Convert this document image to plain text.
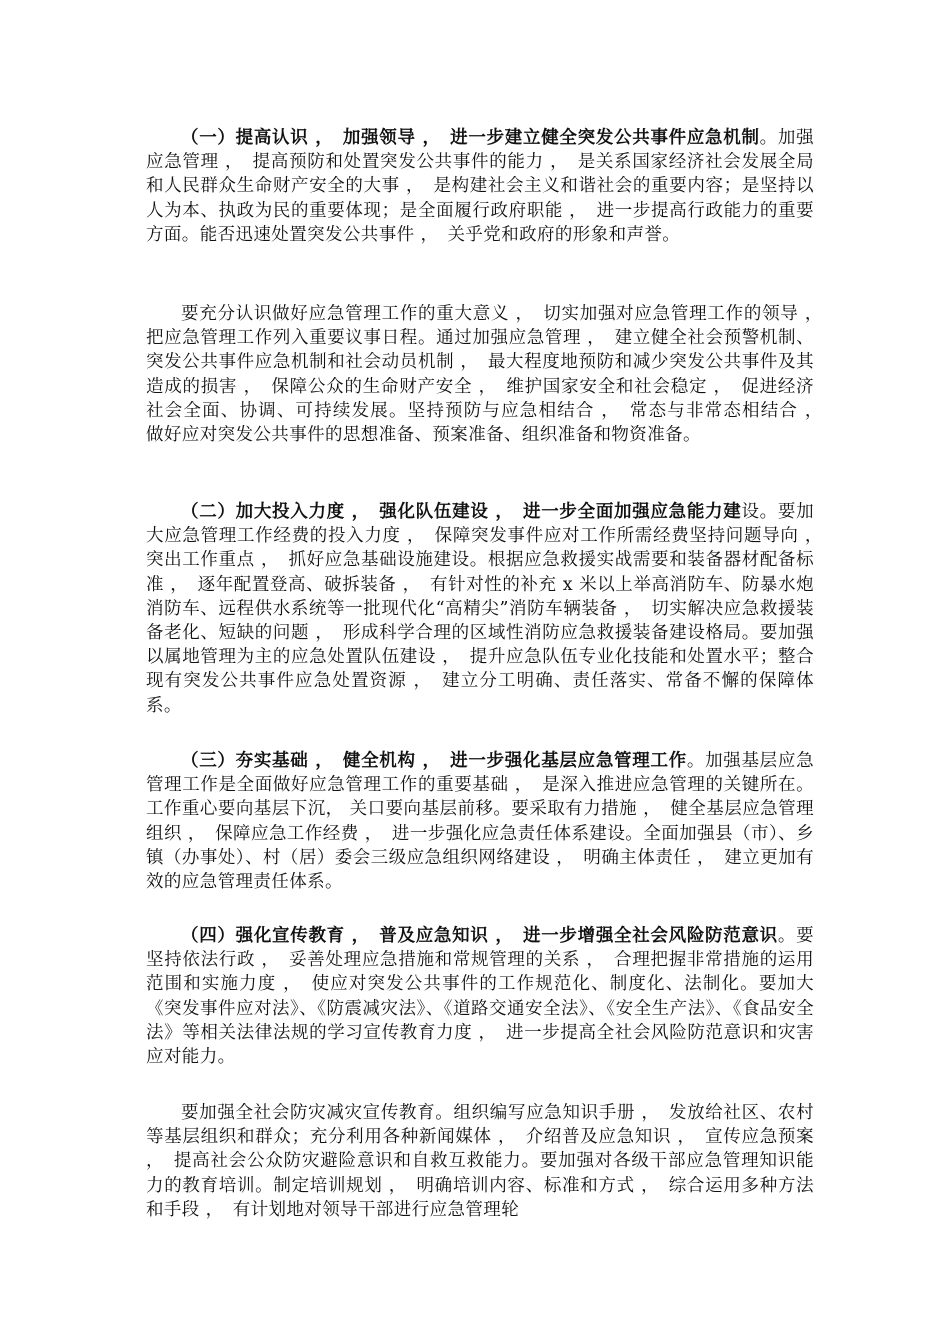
（一）提高认识 ，　加强领导 ，　进一步建立健全突发公共事件应急机制。加强应急管理 ，　提高预防和处置突发公共事件的能力 ，　是关系国家经济社会发展全局和人民群众生命财产安全的大事 ，　是构建社会主义和谐社会的重要内容；是坚持以人为本、执政为民的重要体现；是全面履行政府职能 ，　进一步提高行政能力的重要方面。能否迅速处置突发公共事件 ，　关乎党和政府的形象和声誉。

要充分认识做好应急管理工作的重大意义 ，　切实加强对应急管理工作的领导 ，　把应急管理工作列入重要议事日程。通过加强应急管理 ，　建立健全社会预警机制、突发公共事件应急机制和社会动员机制 ，　最大程度地预防和减少突发公共事件及其造成的损害 ，　保障公众的生命财产安全 ，　维护国家安全和社会稳定 ，　促进经济社会全面、协调、可持续发展。坚持预防与应急相结合 ，　常态与非常态相结合 ，　做好应对突发公共事件的思想准备、预案准备、组织准备和物资准备。

（二）加大投入力度 ，　强化队伍建设 ，　进一步全面加强应急能力建设。要加大应急管理工作经费的投入力度 ，　保障突发事件应对工作所需经费坚持问题导向 ，　突出工作重点 ，　抓好应急基础设施建设。根据应急救援实战需要和装备器材配备标准 ，　逐年配置登高、破拆装备 ，　有针对性的补充 x 米以上举高消防车、防暴水炮消防车、远程供水系统等一批现代化“高精尖”消防车辆装备 ，　切实解决应急救援装备老化、短缺的问题 ，　形成科学合理的区域性消防应急救援装备建设格局。要加强以属地管理为主的应急处置队伍建设 ，　提升应急队伍专业化技能和处置水平；整合现有突发公共事件应急处置资源 ，　建立分工明确、责任落实、常备不懈的保障体系。

（三）夯实基础 ，　健全机构 ，　进一步强化基层应急管理工作。加强基层应急管理工作是全面做好应急管理工作的重要基础 ，　是深入推进应急管理的关键所在。工作重心要向基层下沉， 关口要向基层前移。要采取有力措施 ，　健全基层应急管理组织 ，　保障应急工作经费 ，　进一步强化应急责任体系建设。全面加强县（市）、乡镇（办事处）、村（居）委会三级应急组织网络建设 ，　明确主体责任 ，　建立更加有效的应急管理责任体系。

（四）强化宣传教育 ，　普及应急知识 ，　进一步增强全社会风险防范意识。要坚持依法行政 ，　妥善处理应急措施和常规管理的关系 ，　合理把握非常措施的运用范围和实施力度 ，　使应对突发公共事件的工作规范化、制度化、法制化。要加大《突发事件应对法》、《防震减灾法》、《道路交通安全法》、《安全生产法》、《食品安全法》等相关法律法规的学习宣传教育力度 ，　进一步提高全社会风险防范意识和灾害应对能力。

要加强全社会防灾减灾宣传教育。组织编写应急知识手册 ，　发放给社区、农村等基层组织和群众；充分利用各种新闻媒体 ，　介绍普及应急知识 ，　宣传应急预案 ，　提高社会公众防灾避险意识和自救互救能力。要加强对各级干部应急管理知识能力的教育培训。制定培训规划 ，　明确培训内容、标准和方式 ，　综合运用多种方法和手段 ，　有计划地对领导干部进行应急管理轮
